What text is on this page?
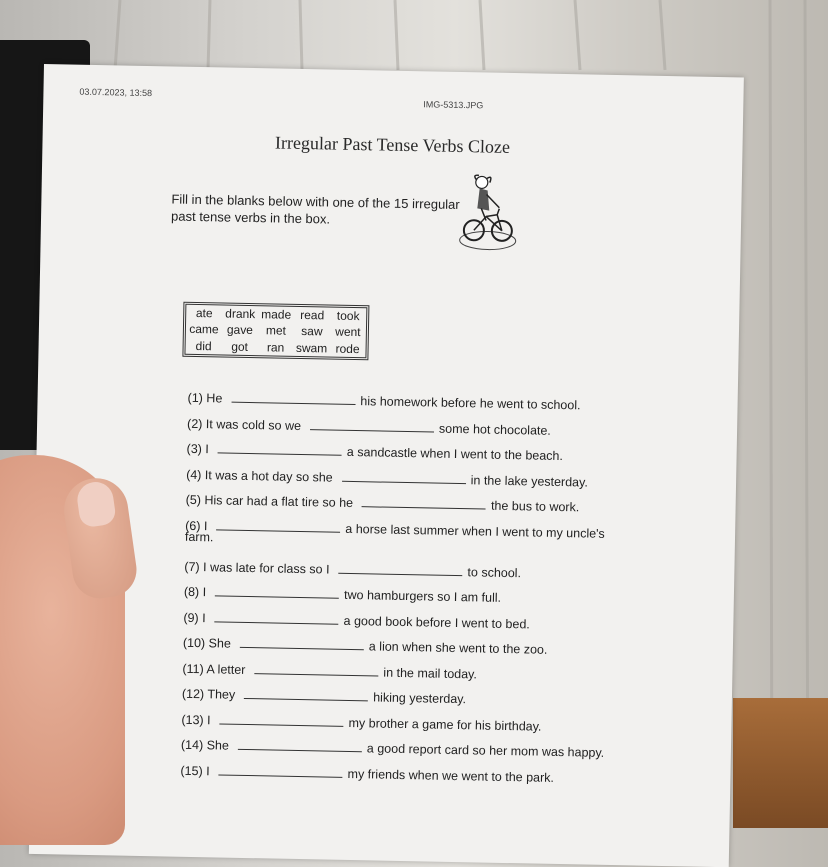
03.07.2023, 13:58
IMG-5313.JPG
Irregular Past Tense Verbs Cloze
Fill in the blanks below with one of the 15 irregular past tense verbs in the box.
ate drank made read took
came gave met saw went
did got ran swam rode
(1) He	his homework before he went to school.
(2) It was cold so we	some hot chocolate.
(3) I	a sandcastle when I went to the beach.
(4) It was a hot day so she	in the lake yesterday.
(5) His car had a flat tire so he	the bus to work.
(6) I	a horse last summer when I went to my uncle's
farm.
(7) I was late for class so I	to school.
(8) I	two hamburgers so I am full.
(9) I	a good book before I went to bed.
(10) She	a lion when she went to the zoo.
(11) A letter	in the mail today.
(12) They	hiking yesterday.
(13) I	my brother a game for his birthday.
(14) She	a good report card so her mom was happy.
(15) I	my friends when we went to the park.
